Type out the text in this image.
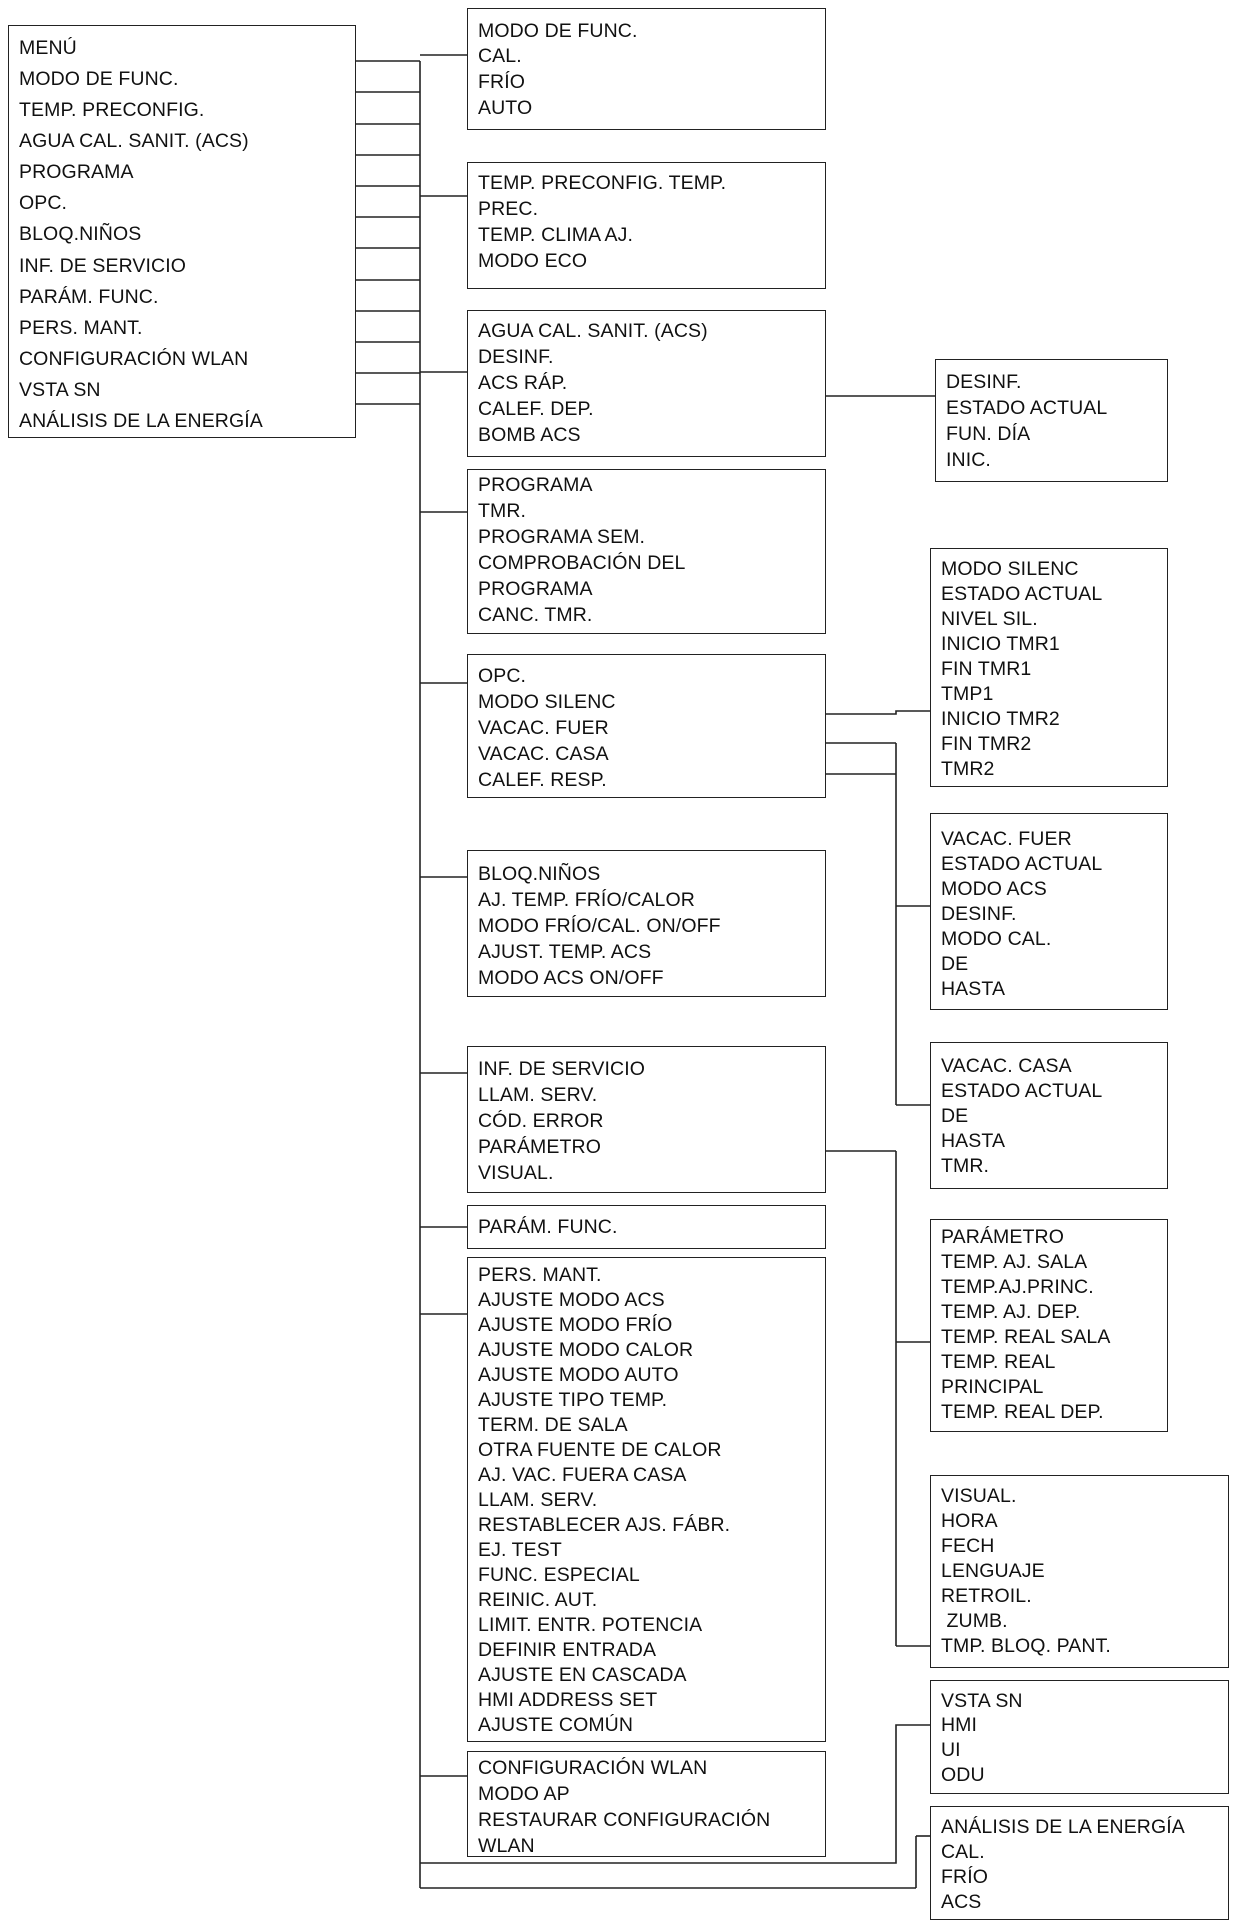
MENÚ
MODO DE FUNC.
TEMP. PRECONFIG.
AGUA CAL. SANIT. (ACS)
PROGRAMA
OPC.
BLOQ.NIÑOS
INF. DE SERVICIO
PARÁM. FUNC.
PERS. MANT.
CONFIGURACIÓN WLAN
VSTA SN
ANÁLISIS DE LA ENERGÍA
MODO DE FUNC.
CAL.
FRÍO
AUTO
TEMP. PRECONFIG. TEMP.
PREC.
TEMP. CLIMA AJ.
MODO ECO
AGUA CAL. SANIT. (ACS)
DESINF.
ACS RÁP.
CALEF. DEP.
BOMB ACS
PROGRAMA
TMR.
PROGRAMA SEM.
COMPROBACIÓN DEL
PROGRAMA
CANC. TMR.
OPC.
MODO SILENC
VACAC. FUER
VACAC. CASA
CALEF. RESP.
BLOQ.NIÑOS
AJ. TEMP. FRÍO/CALOR
MODO FRÍO/CAL. ON/OFF
AJUST. TEMP. ACS
MODO ACS ON/OFF
INF. DE SERVICIO
LLAM. SERV.
CÓD. ERROR
PARÁMETRO
VISUAL.
PARÁM. FUNC.
PERS. MANT.
AJUSTE MODO ACS
AJUSTE MODO FRÍO
AJUSTE MODO CALOR
AJUSTE MODO AUTO
AJUSTE TIPO TEMP.
TERM. DE SALA
OTRA FUENTE DE CALOR
AJ. VAC. FUERA CASA
LLAM. SERV.
RESTABLECER AJS. FÁBR.
EJ. TEST
FUNC. ESPECIAL
REINIC. AUT.
LIMIT. ENTR. POTENCIA
DEFINIR ENTRADA
AJUSTE EN CASCADA
HMI ADDRESS SET
AJUSTE COMÚN
CONFIGURACIÓN WLAN
MODO AP
RESTAURAR CONFIGURACIÓN
WLAN
DESINF.
ESTADO ACTUAL
FUN. DÍA
INIC.
MODO SILENC
ESTADO ACTUAL
NIVEL SIL.
INICIO TMR1
FIN TMR1
TMP1
INICIO TMR2
FIN TMR2
TMR2
VACAC. FUER
ESTADO ACTUAL
MODO ACS
DESINF.
MODO CAL.
DE
HASTA
VACAC. CASA
ESTADO ACTUAL
DE
HASTA
TMR.
PARÁMETRO
TEMP. AJ. SALA
TEMP.AJ.PRINC.
TEMP. AJ. DEP.
TEMP. REAL SALA
TEMP. REAL
PRINCIPAL
TEMP. REAL DEP.
VISUAL.
HORA
FECH
LENGUAJE
RETROIL.
ZUMB.
TMP. BLOQ. PANT.
VSTA SN
HMI
UI
ODU
ANÁLISIS DE LA ENERGÍA
CAL.
FRÍO
ACS
